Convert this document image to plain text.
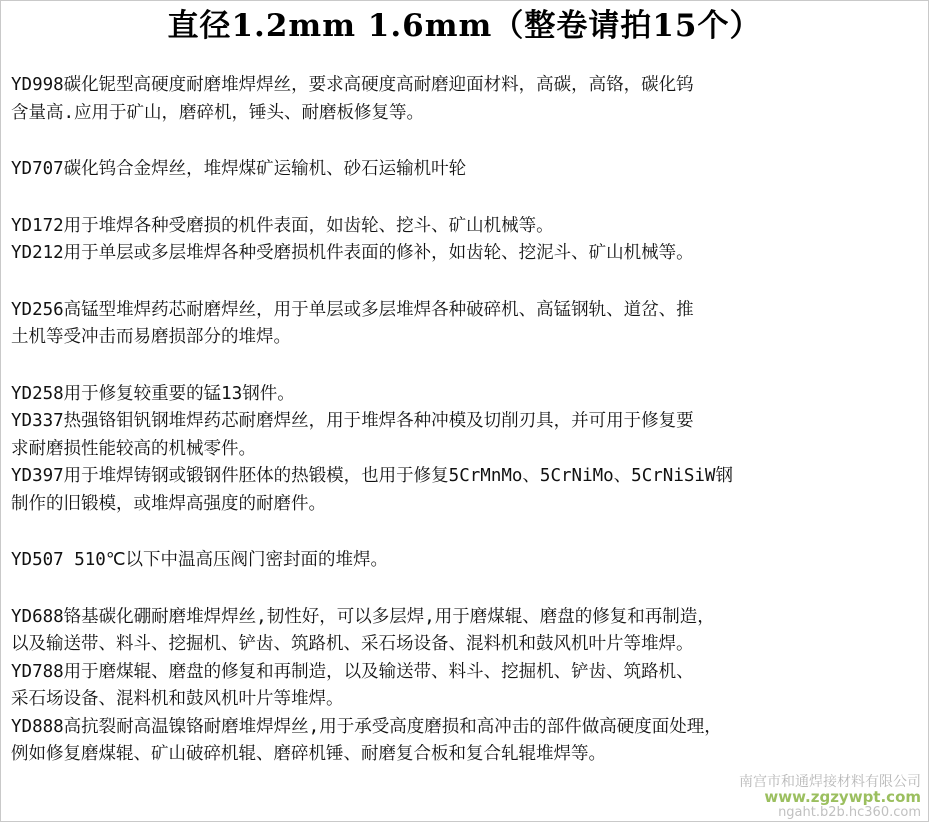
直径1.2mm 1.6mm（整卷请拍15个）
YD998碳化铌型高硬度耐磨堆焊焊丝，要求高硬度高耐磨迎面材料，高碳，高铬，碳化钨
含量高.应用于矿山，磨碎机，锤头、耐磨板修复等。
YD707碳化钨合金焊丝，堆焊煤矿运输机、砂石运输机叶轮
YD172用于堆焊各种受磨损的机件表面，如齿轮、挖斗、矿山机械等。
YD212用于单层或多层堆焊各种受磨损机件表面的修补，如齿轮、挖泥斗、矿山机械等。
YD256高锰型堆焊药芯耐磨焊丝，用于单层或多层堆焊各种破碎机、高锰钢轨、道岔、推
土机等受冲击而易磨损部分的堆焊。
YD258用于修复较重要的锰13钢件。
YD337热强铬钼钒钢堆焊药芯耐磨焊丝，用于堆焊各种冲模及切削刃具，并可用于修复要
求耐磨损性能较高的机械零件。
YD397用于堆焊铸钢或锻钢件胚体的热锻模，也用于修复5CrMnMo、5CrNiMo、5CrNiSiW钢
制作的旧锻模，或堆焊高强度的耐磨件。
YD507 510℃以下中温高压阀门密封面的堆焊。
YD688铬基碳化硼耐磨堆焊焊丝,韧性好，可以多层焊,用于磨煤辊、磨盘的修复和再制造，
以及输送带、料斗、挖掘机、铲齿、筑路机、采石场设备、混料机和鼓风机叶片等堆焊。
YD788用于磨煤辊、磨盘的修复和再制造，以及输送带、料斗、挖掘机、铲齿、筑路机、
采石场设备、混料机和鼓风机叶片等堆焊。
YD888高抗裂耐高温镍铬耐磨堆焊焊丝,用于承受高度磨损和高冲击的部件做高硬度面处理，
例如修复磨煤辊、矿山破碎机辊、磨碎机锤、耐磨复合板和复合轧辊堆焊等。
南宫市和通焊接材料有限公司
www.zgzywpt.com
ngaht.b2b.hc360.com
